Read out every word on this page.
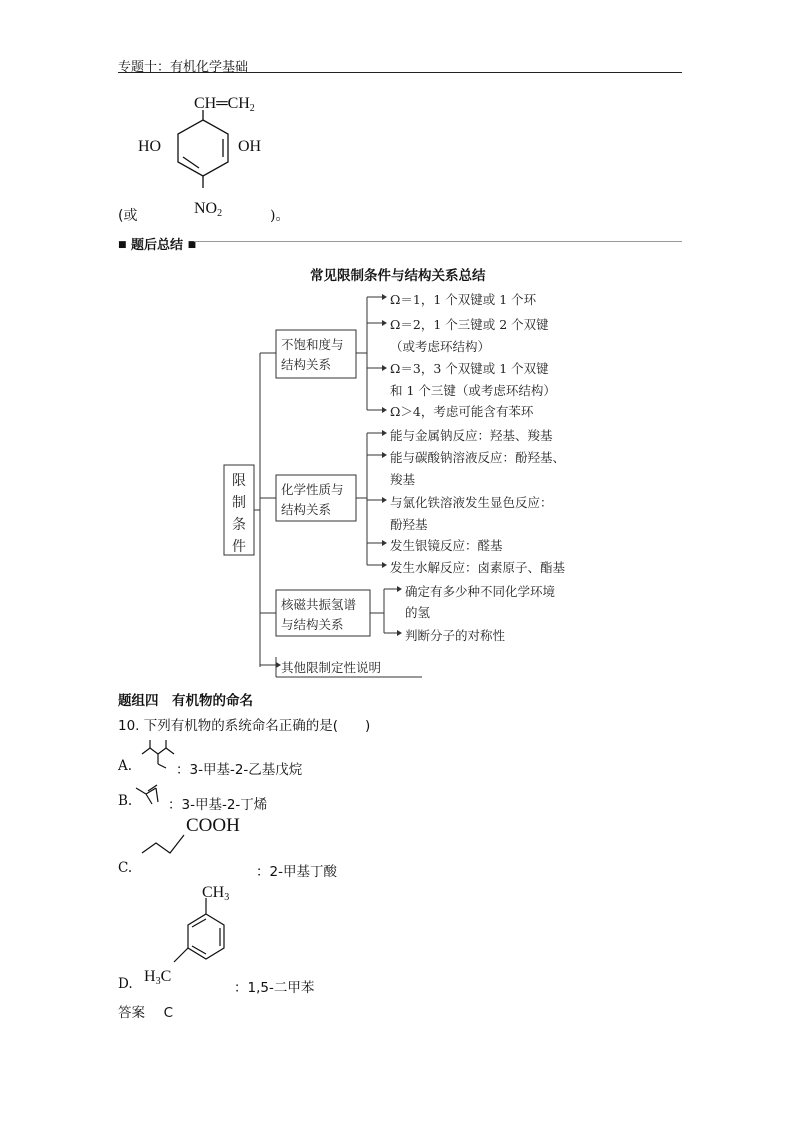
专题十：有机化学基础
$CH═CH_2$
HO	OH
$NO_2$
(或	)。
■ 题后总结 ■
常见限制条件与结构关系总结
限
制
条
件
不饱和度与
结构关系
化学性质与
结构关系
核磁共振氢谱
与结构关系
其他限制定性说明
Ω＝1，1 个双键或 1 个环
Ω＝2，1 个三键或 2 个双键
（或考虑环结构）
Ω＝3，3 个双键或 1 个双键
和 1 个三键（或考虑环结构）
Ω＞4，考虑可能含有苯环
能与金属钠反应：羟基、羧基
能与碳酸钠溶液反应：酚羟基、
羧基
与氯化铁溶液发生显色反应：
酚羟基
发生银镜反应：醛基
发生水解反应：卤素原子、酯基
确定有多少种不同化学环境
的氢
判断分子的对称性
题组四　有机物的命名
10. 下列有机物的系统命名正确的是(　　)
A.	：3-甲基-2-乙基戊烷
B.	：3-甲基-2-丁烯
COOH
C.	：2-甲基丁酸
$CH_3$
$H_3C$
D.	：1,5-二甲苯
答案 C
